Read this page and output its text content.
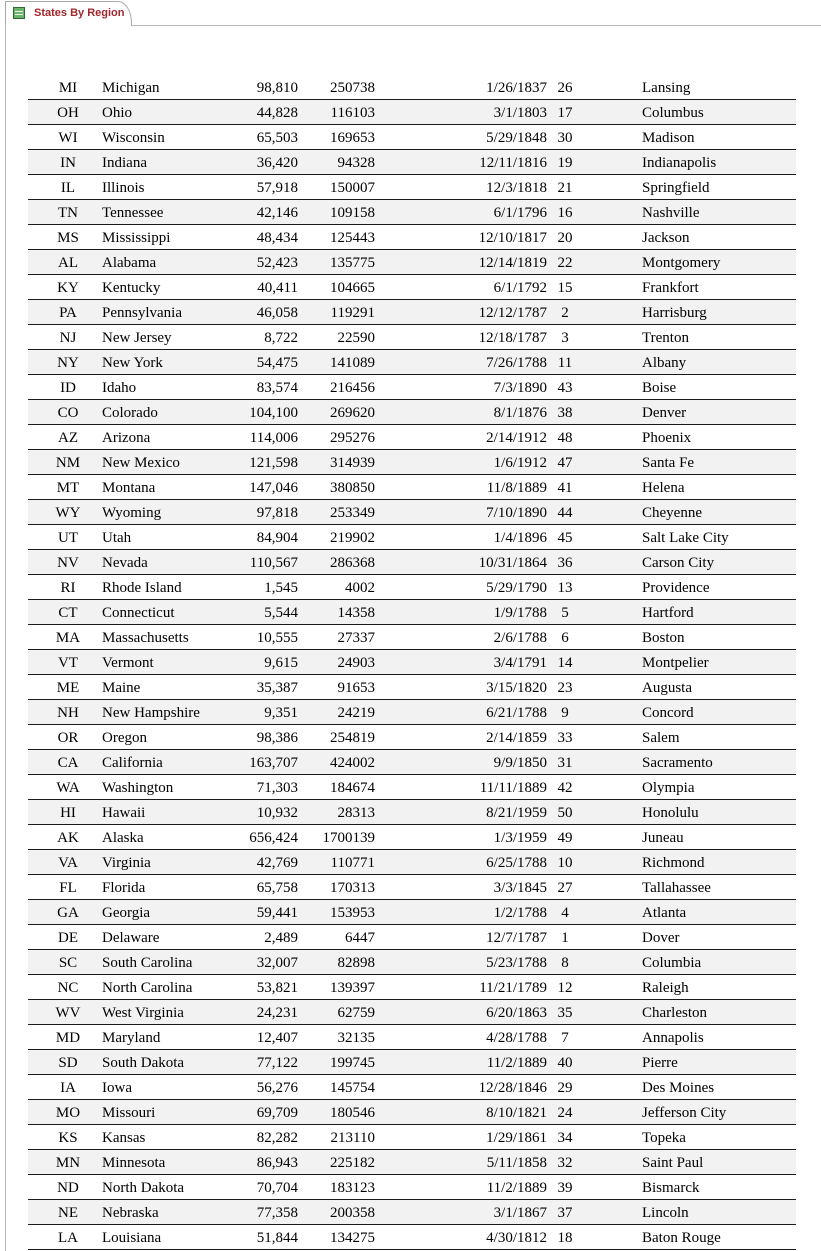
States By Region
MI	Michigan	98,810 250738	1/26/1837 26	Lansing
OH	Ohio	44,828 116103	3/1/1803 17	Columbus
WI	Wisconsin	65,503 169653	5/29/1848 30	Madison
IN	Indiana	36,420	94328	12/11/1816 19	Indianapolis
IL	Illinois	57,918 150007	12/3/1818 21	Springfield
TN	Tennessee	42,146 109158	6/1/1796 16	Nashville
MS	Mississippi	48,434 125443	12/10/1817 20	Jackson
AL	Alabama	52,423 135775	12/14/1819 22	Montgomery
KY	Kentucky	40,411 104665	6/1/1792 15	Frankfort
PA	Pennsylvania	46,058 119291	12/12/1787 2	Harrisburg
NJ	New Jersey	8,722	22590	12/18/1787 3	Trenton
NY	New York	54,475 141089	7/26/1788 11	Albany
ID	Idaho	83,574 216456	7/3/1890 43	Boise
CO	Colorado	104,100 269620	8/1/1876 38	Denver
AZ	Arizona	114,006 295276	2/14/1912 48	Phoenix
NM	New Mexico	121,598 314939	1/6/1912 47	Santa Fe
MT	Montana	147,046 380850	11/8/1889 41	Helena
WY	Wyoming	97,818 253349	7/10/1890 44	Cheyenne
UT	Utah	84,904 219902	1/4/1896 45	Salt Lake City
NV	Nevada	110,567 286368	10/31/1864 36	Carson City
RI	Rhode Island	1,545	4002	5/29/1790 13	Providence
CT	Connecticut	5,544	14358	1/9/1788 5	Hartford
MA	Massachusetts	10,555	27337	2/6/1788 6	Boston
VT	Vermont	9,615	24903	3/4/1791 14	Montpelier
ME	Maine	35,387	91653	3/15/1820 23	Augusta
NH	New Hampshire	9,351	24219	6/21/1788 9	Concord
OR	Oregon	98,386 254819	2/14/1859 33	Salem
CA	California	163,707 424002	9/9/1850 31	Sacramento
WA	Washington	71,303 184674	11/11/1889 42	Olympia
HI	Hawaii	10,932	28313	8/21/1959 50	Honolulu
AK	Alaska	656,424 1700139	1/3/1959 49	Juneau
VA	Virginia	42,769 110771	6/25/1788 10	Richmond
FL	Florida	65,758 170313	3/3/1845 27	Tallahassee
GA	Georgia	59,441 153953	1/2/1788 4	Atlanta
DE	Delaware	2,489	6447	12/7/1787 1	Dover
SC	South Carolina	32,007	82898	5/23/1788 8	Columbia
NC	North Carolina	53,821 139397	11/21/1789 12	Raleigh
WV	West Virginia	24,231	62759	6/20/1863 35	Charleston
MD	Maryland	12,407	32135	4/28/1788 7	Annapolis
SD	South Dakota	77,122 199745	11/2/1889 40	Pierre
IA	Iowa	56,276 145754	12/28/1846 29	Des Moines
MO	Missouri	69,709 180546	8/10/1821 24	Jefferson City
KS	Kansas	82,282 213110	1/29/1861 34	Topeka
MN	Minnesota	86,943 225182	5/11/1858 32	Saint Paul
ND	North Dakota	70,704 183123	11/2/1889 39	Bismarck
NE	Nebraska	77,358 200358	3/1/1867 37	Lincoln
LA	Louisiana	51,844 134275	4/30/1812 18	Baton Rouge
